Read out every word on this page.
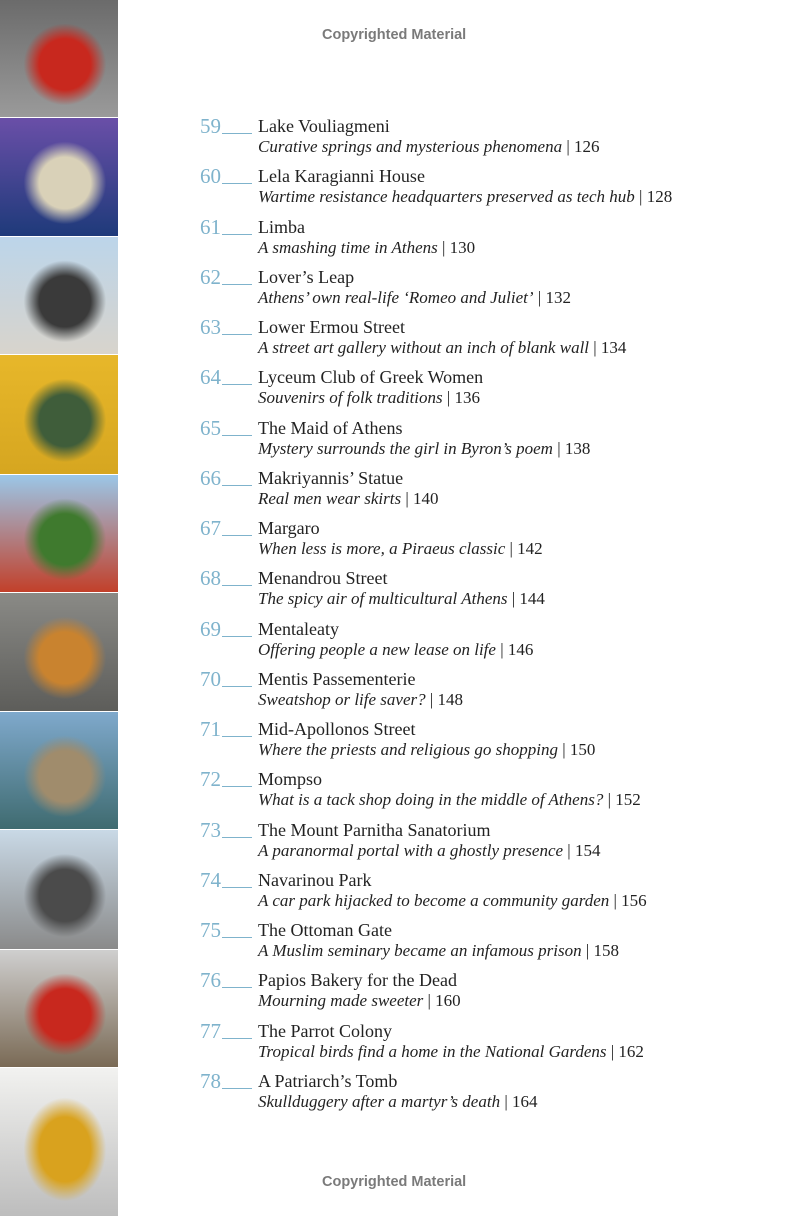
Copyrighted Material
59 Lake Vouliagmeni
Curative springs and mysterious phenomena | 126
60 Lela Karagianni House
Wartime resistance headquarters preserved as tech hub | 128
61 Limba
A smashing time in Athens | 130
62 Lover’s Leap
Athens’ own real-life ‘Romeo and Juliet’ | 132
63 Lower Ermou Street
A street art gallery without an inch of blank wall | 134
64 Lyceum Club of Greek Women
Souvenirs of folk traditions | 136
65 The Maid of Athens
Mystery surrounds the girl in Byron’s poem | 138
66 Makriyannis’ Statue
Real men wear skirts | 140
67 Margaro
When less is more, a Piraeus classic | 142
68 Menandrou Street
The spicy air of multicultural Athens | 144
69 Mentaleaty
Offering people a new lease on life | 146
70 Mentis Passementerie
Sweatshop or life saver? | 148
71 Mid-Apollonos Street
Where the priests and religious go shopping | 150
72 Mompso
What is a tack shop doing in the middle of Athens? | 152
73 The Mount Parnitha Sanatorium
A paranormal portal with a ghostly presence | 154
74 Navarinou Park
A car park hijacked to become a community garden | 156
75 The Ottoman Gate
A Muslim seminary became an infamous prison | 158
76 Papios Bakery for the Dead
Mourning made sweeter | 160
77 The Parrot Colony
Tropical birds find a home in the National Gardens | 162
78 A Patriarch’s Tomb
Skullduggery after a martyr’s death | 164
Copyrighted Material
